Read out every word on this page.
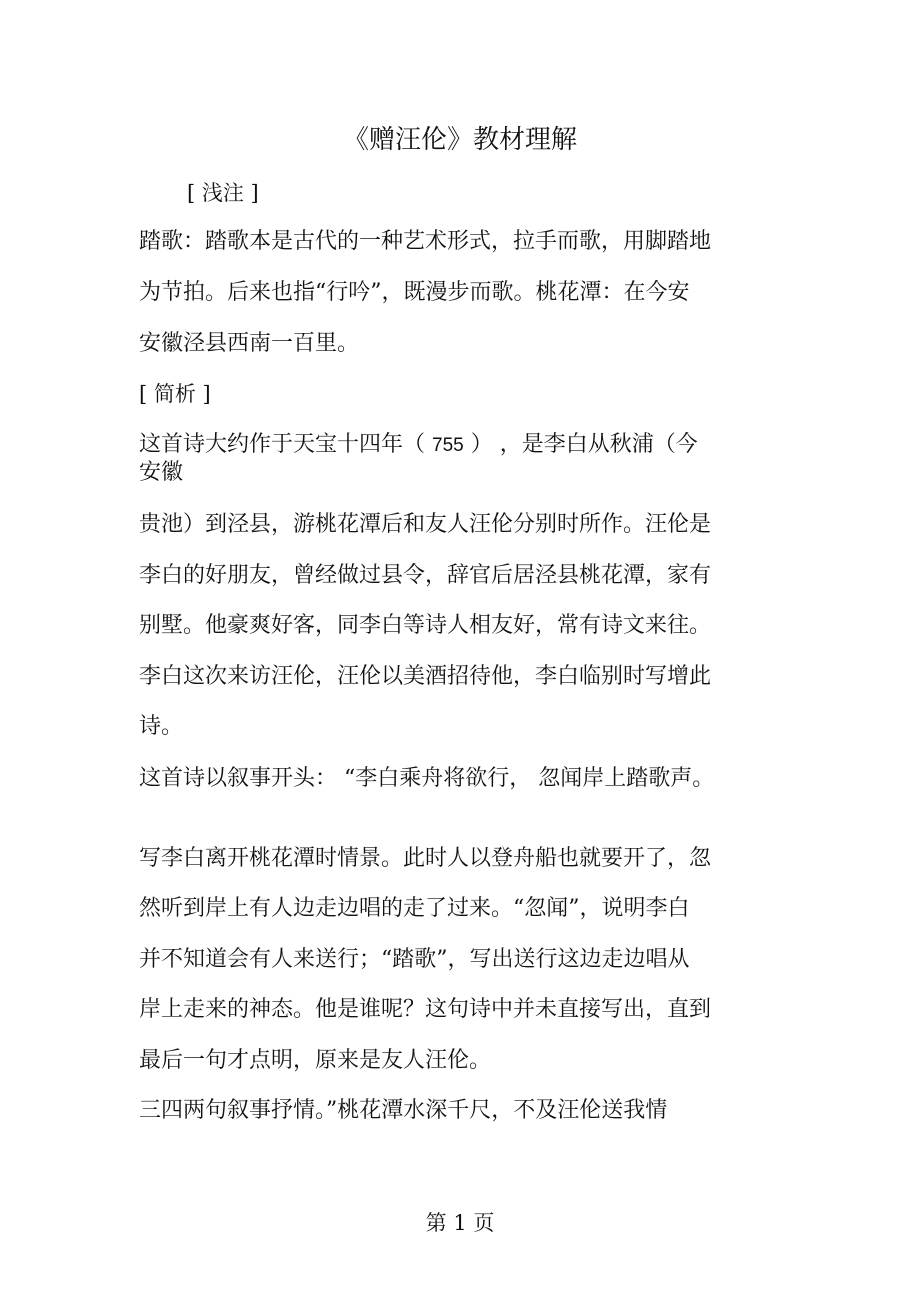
《赠汪伦》教材理解
[ 浅注 ]

踏歌：踏歌本是古代的一种艺术形式，拉手而歌，用脚踏地

为节拍。后来也指“行吟”，既漫步而歌。桃花潭：在今安

安徽泾县西南一百里。

[ 简析 ]

这首诗大约作于天宝十四年（ 755 ） ，是李白从秋浦（今

安徽

贵池）到泾县，游桃花潭后和友人汪伦分别时所作。汪伦是

李白的好朋友，曾经做过县令，辞官后居泾县桃花潭，家有

别墅。他豪爽好客，同李白等诗人相友好，常有诗文来往。

李白这次来访汪伦，汪伦以美酒招待他，李白临别时写增此

诗。

这首诗以叙事开头： “李白乘舟将欲行， 忽闻岸上踏歌声。

写李白离开桃花潭时情景。此时人以登舟船也就要开了，忽

然听到岸上有人边走边唱的走了过来。“忽闻”，说明李白

并不知道会有人来送行；“踏歌”，写出送行这边走边唱从

岸上走来的神态。他是谁呢？这句诗中并未直接写出，直到

最后一句才点明，原来是友人汪伦。

三四两句叙事抒情。”桃花潭水深千尺，不及汪伦送我情

第 1 页
